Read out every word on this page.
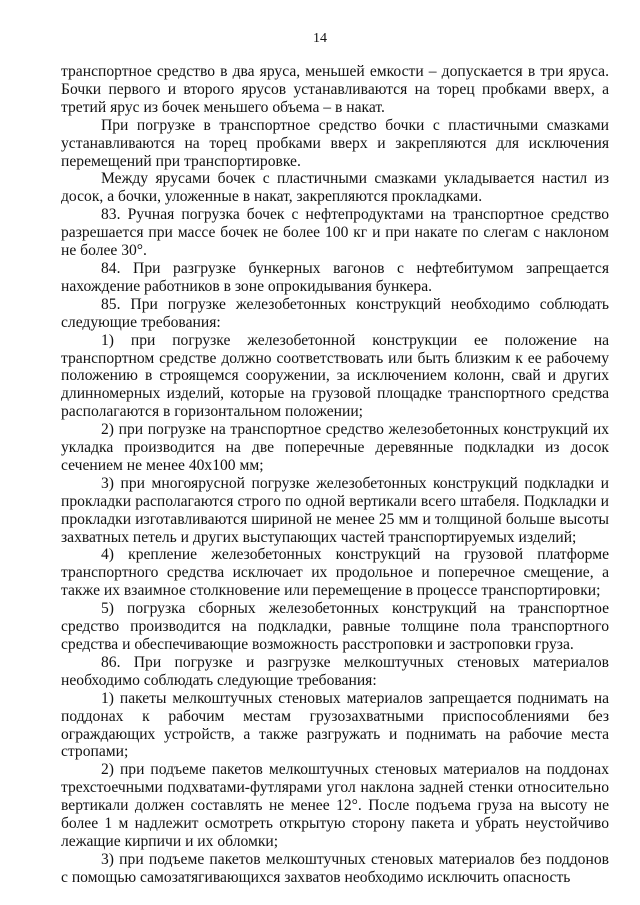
14

транспортное средство в два яруса, меньшей емкости – допускается в три яруса. Бочки первого и второго ярусов устанавливаются на торец пробками вверх, а третий ярус из бочек меньшего объема – в накат.

При погрузке в транспортное средство бочки с пластичными смазками устанавливаются на торец пробками вверх и закрепляются для исключения перемещений при транспортировке.

Между ярусами бочек с пластичными смазками укладывается настил из досок, а бочки, уложенные в накат, закрепляются прокладками.

83. Ручная погрузка бочек с нефтепродуктами на транспортное средство разрешается при массе бочек не более 100 кг и при накате по слегам с наклоном не более 30°.

84. При разгрузке бункерных вагонов с нефтебитумом запрещается нахождение работников в зоне опрокидывания бункера.

85. При погрузке железобетонных конструкций необходимо соблюдать следующие требования:

1) при погрузке железобетонной конструкции ее положение на транспортном средстве должно соответствовать или быть близким к ее рабочему положению в строящемся сооружении, за исключением колонн, свай и других длинномерных изделий, которые на грузовой площадке транспортного средства располагаются в горизонтальном положении;

2) при погрузке на транспортное средство железобетонных конструкций их укладка производится на две поперечные деревянные подкладки из досок сечением не менее 40x100 мм;

3) при многоярусной погрузке железобетонных конструкций подкладки и прокладки располагаются строго по одной вертикали всего штабеля. Подкладки и прокладки изготавливаются шириной не менее 25 мм и толщиной больше высоты захватных петель и других выступающих частей транспортируемых изделий;

4) крепление железобетонных конструкций на грузовой платформе транспортного средства исключает их продольное и поперечное смещение, а также их взаимное столкновение или перемещение в процессе транспортировки;

5) погрузка сборных железобетонных конструкций на транспортное средство производится на подкладки, равные толщине пола транспортного средства и обеспечивающие возможность расстроповки и застроповки груза.

86. При погрузке и разгрузке мелкоштучных стеновых материалов необходимо соблюдать следующие требования:

1) пакеты мелкоштучных стеновых материалов запрещается поднимать на поддонах к рабочим местам грузозахватными приспособлениями без ограждающих устройств, а также разгружать и поднимать на рабочие места стропами;

2) при подъеме пакетов мелкоштучных стеновых материалов на поддонах трехстоечными подхватами-футлярами угол наклона задней стенки относительно вертикали должен составлять не менее 12°. После подъема груза на высоту не более 1 м надлежит осмотреть открытую сторону пакета и убрать неустойчиво лежащие кирпичи и их обломки;

3) при подъеме пакетов мелкоштучных стеновых материалов без поддонов с помощью самозатягивающихся захватов необходимо исключить опасность
